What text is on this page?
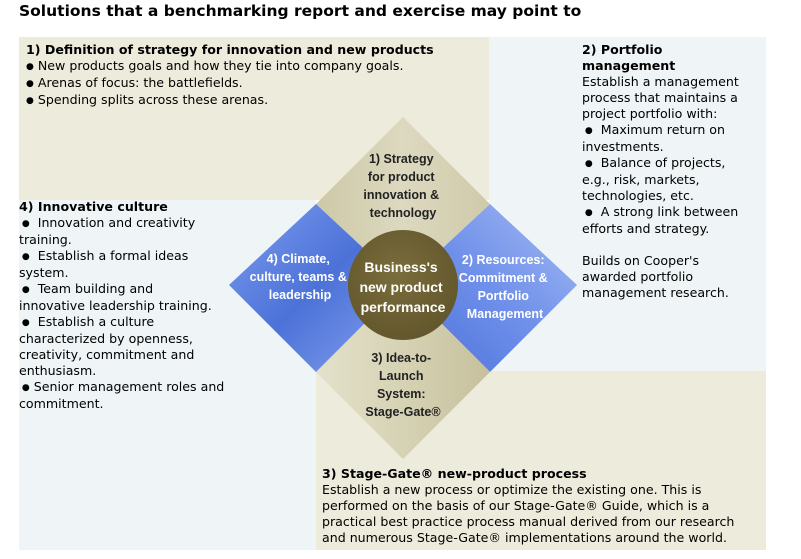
Solutions that a benchmarking report and exercise may point to
1) Definition of strategy for innovation and new products
● New products goals and how they tie into company goals.
● Arenas of focus: the battlefields.
● Spending splits across these arenas.
2) Portfolio
management
Establish a management
process that maintains a
project portfolio with:
● Maximum return on
investments.
● Balance of projects,
e.g., risk, markets,
technologies, etc.
● A strong link between
efforts and strategy.
Builds on Cooper's
awarded portfolio
management research.
4) Innovative culture
● Innovation and creativity
training.
● Establish a formal ideas
system.
● Team building and
innovative leadership training.
● Establish a culture
characterized by openness,
creativity, commitment and
enthusiasm.
● Senior management roles and
commitment.
3) Stage-Gate® new-product process
Establish a new process or optimize the existing one. This is
performed on the basis of our Stage-Gate® Guide, which is a
practical best practice process manual derived from our research
and numerous Stage-Gate® implementations around the world.
1) Strategy for product innovation & technology
2) Resources: Commitment & Portfolio Management
3) Idea-to- Launch System: Stage-Gate®
4) Climate, culture, teams & leadership
Business's new product performance
